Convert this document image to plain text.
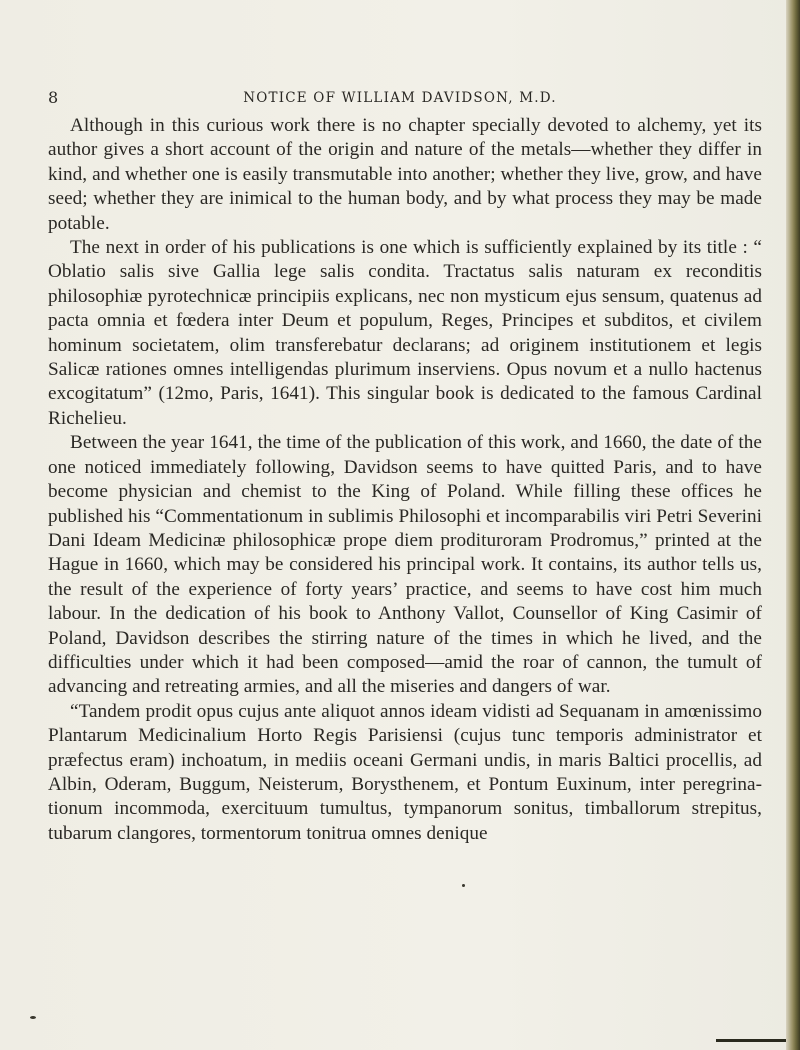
8	NOTICE OF WILLIAM DAVIDSON, M.D.

Although in this curious work there is no chapter specially devoted to alchemy, yet its author gives a short account of the origin and nature of the metals—whether they differ in kind, and whether one is easily transmutable into another; whether they live, grow, and have seed; whether they are inimical to the human body, and by what process they may be made potable.

The next in order of his publications is one which is sufficiently explained by its title : “ Oblatio salis sive Gallia lege salis condita. Tractatus salis naturam ex reconditis philosophiæ pyrotechnicæ principiis explicans, nec non mysticum ejus sensum, quatenus ad pacta omnia et fœdera inter Deum et populum, Reges, Principes et subditos, et civilem hominum societatem, olim transferebatur declarans; ad originem institutionem et legis Salicæ rationes omnes intelligendas plurimum inserviens. Opus novum et a nullo hactenus excogitatum” (12mo, Paris, 1641). This singular book is dedicated to the famous Cardinal Richelieu.

Between the year 1641, the time of the publication of this work, and 1660, the date of the one noticed immediately following, Davidson seems to have quitted Paris, and to have become physician and chemist to the King of Poland. While filling these offices he published his “Commentationum in sublimis Philosophi et incomparabilis viri Petri Severini Dani Ideam Medicinæ philosophicæ prope diem prodituroram Prodromus,” printed at the Hague in 1660, which may be considered his principal work. It contains, its author tells us, the result of the experience of forty years’ practice, and seems to have cost him much labour. In the dedication of his book to Anthony Vallot, Counsellor of King Casimir of Poland, Davidson describes the stirring nature of the times in which he lived, and the difficulties under which it had been composed—amid the roar of cannon, the tumult of advancing and retreating armies, and all the miseries and dangers of war.

“Tandem prodit opus cujus ante aliquot annos ideam vidisti ad Sequanam in amœnissimo Plantarum Medicinalium Horto Regis Parisiensi (cujus tunc temporis administrator et præfectus eram) inchoatum, in mediis oceani Germani undis, in maris Baltici procellis, ad Albin, Oderam, Buggum, Neisterum, Borysthenem, et Pontum Euxinum, inter peregrinationum incommoda, exercituum tumultus, tympanorum sonitus, timballorum strepitus, tubarum clangores, tormentorum tonitrua omnes denique
